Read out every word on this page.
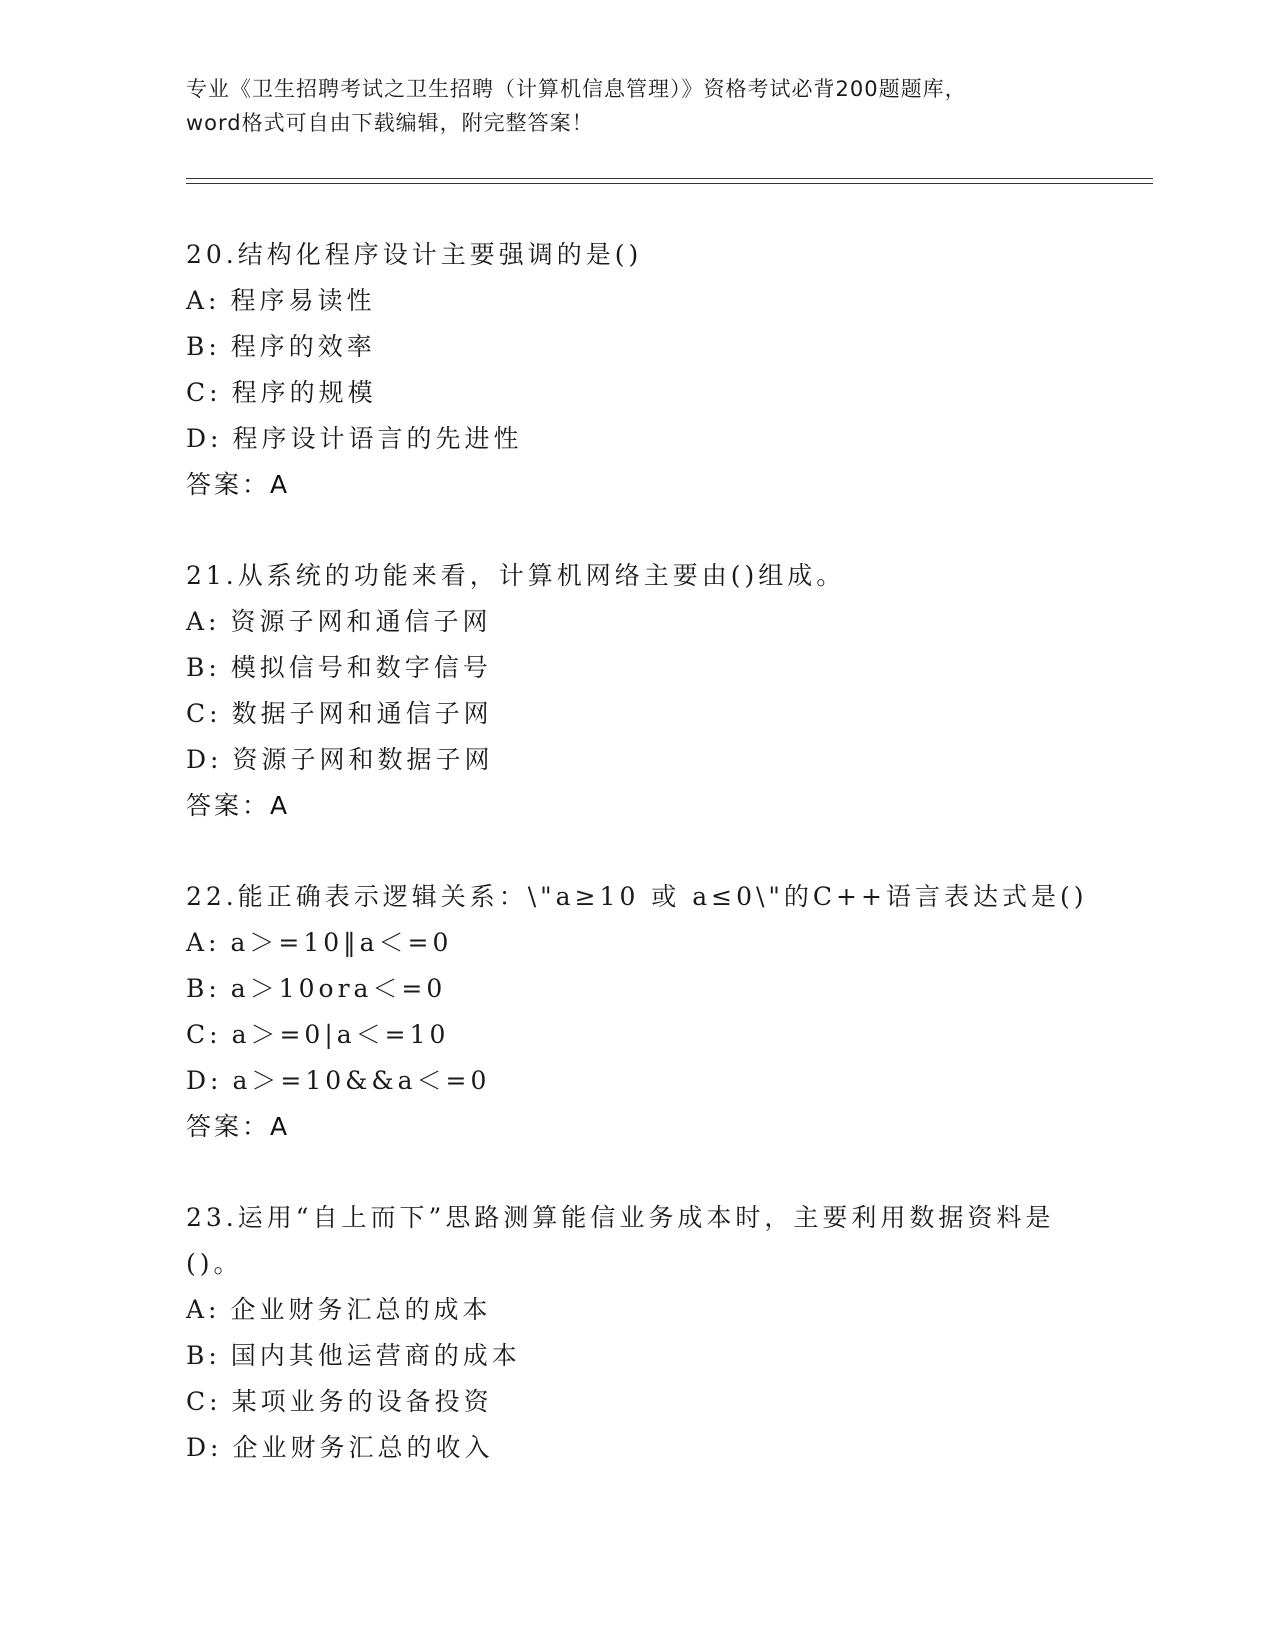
专业《卫生招聘考试之卫生招聘（计算机信息管理）》资格考试必背200题题库，
word格式可自由下载编辑，附完整答案！
20.结构化程序设计主要强调的是()
A: 程序易读性
B: 程序的效率
C: 程序的规模
D: 程序设计语言的先进性
答案：A
21.从系统的功能来看，计算机网络主要由()组成。
A: 资源子网和通信子网
B: 模拟信号和数字信号
C: 数据子网和通信子网
D: 资源子网和数据子网
答案：A
22.能正确表示逻辑关系：\"a≥10 或 a≤0\"的C++语言表达式是()
A: a＞=10‖a＜=0
B: a＞10ora＜=0
C: a＞=0|a＜=10
D: a＞=10&&a＜=0
答案：A
23.运用“自上而下”思路测算能信业务成本时，主要利用数据资料是()。
A: 企业财务汇总的成本
B: 国内其他运营商的成本
C: 某项业务的设备投资
D: 企业财务汇总的收入
